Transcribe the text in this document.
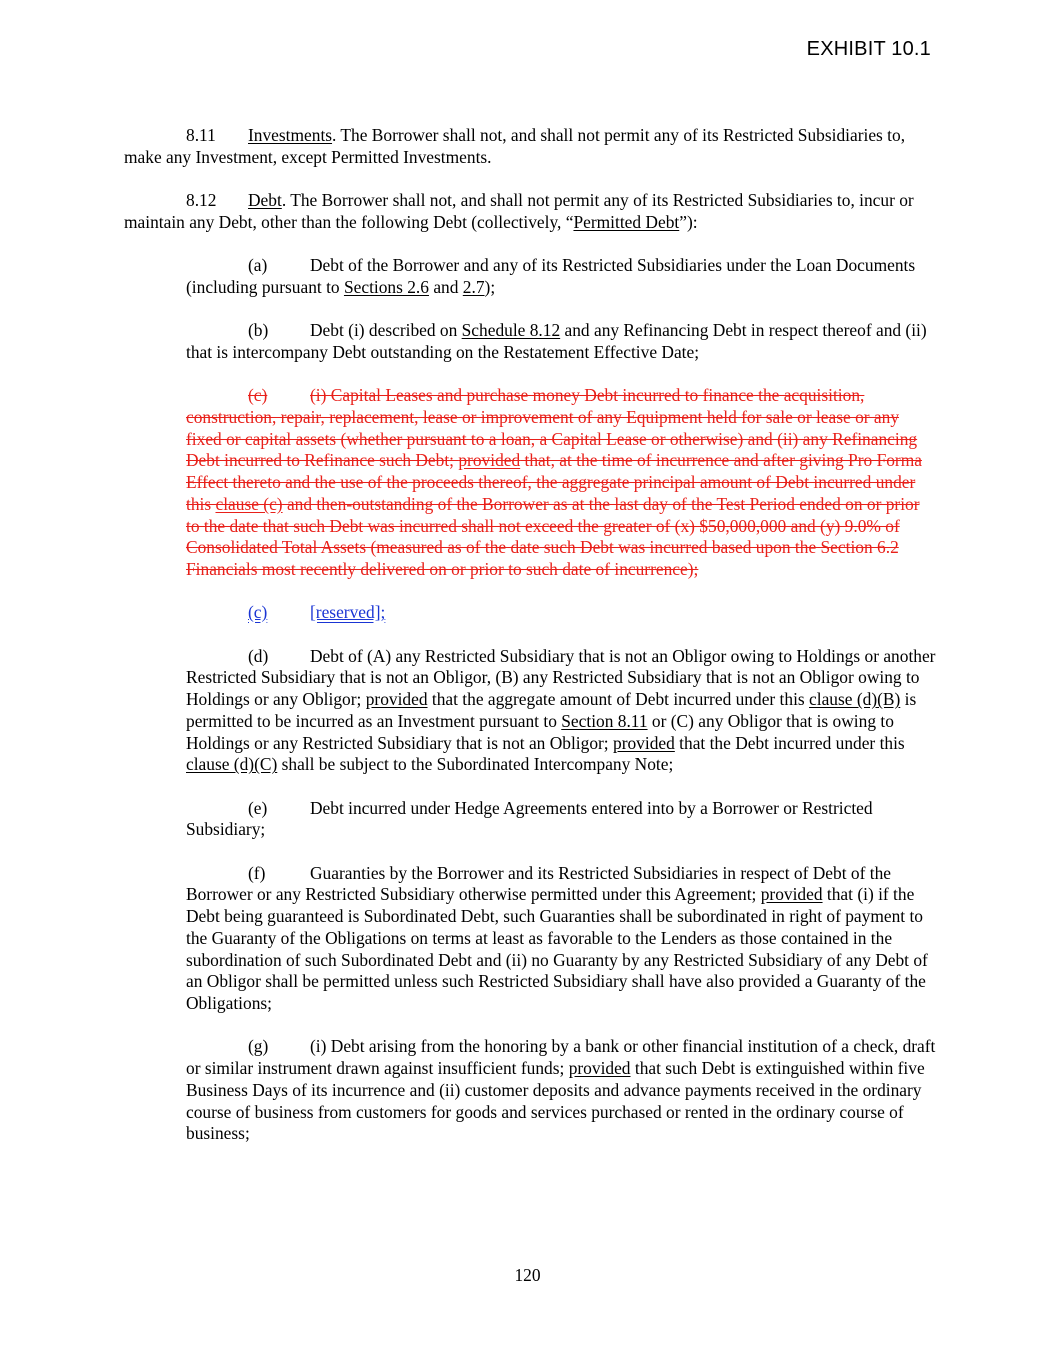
EXHIBIT 10.1

8.11 Investments. The Borrower shall not, and shall not permit any of its Restricted Subsidiaries to, make any Investment, except Permitted Investments.

8.12 Debt. The Borrower shall not, and shall not permit any of its Restricted Subsidiaries to, incur or maintain any Debt, other than the following Debt (collectively, “Permitted Debt”):

(a) Debt of the Borrower and any of its Restricted Subsidiaries under the Loan Documents (including pursuant to Sections 2.6 and 2.7);

(b) Debt (i) described on Schedule 8.12 and any Refinancing Debt in respect thereof and (ii) that is intercompany Debt outstanding on the Restatement Effective Date;

(c) (i) Capital Leases and purchase money Debt incurred to finance the acquisition, construction, repair, replacement, lease or improvement of any Equipment held for sale or lease or any fixed or capital assets (whether pursuant to a loan, a Capital Lease or otherwise) and (ii) any Refinancing Debt incurred to Refinance such Debt; provided that, at the time of incurrence and after giving Pro Forma Effect thereto and the use of the proceeds thereof, the aggregate principal amount of Debt incurred under this clause (c) and then-outstanding of the Borrower as at the last day of the Test Period ended on or prior to the date that such Debt was incurred shall not exceed the greater of (x) $50,000,000 and (y) 9.0% of Consolidated Total Assets (measured as of the date such Debt was incurred based upon the Section 6.2 Financials most recently delivered on or prior to such date of incurrence);

(c) [reserved];

(d) Debt of (A) any Restricted Subsidiary that is not an Obligor owing to Holdings or another Restricted Subsidiary that is not an Obligor, (B) any Restricted Subsidiary that is not an Obligor owing to Holdings or any Obligor; provided that the aggregate amount of Debt incurred under this clause (d)(B) is permitted to be incurred as an Investment pursuant to Section 8.11 or (C) any Obligor that is owing to Holdings or any Restricted Subsidiary that is not an Obligor; provided that the Debt incurred under this clause (d)(C) shall be subject to the Subordinated Intercompany Note;

(e) Debt incurred under Hedge Agreements entered into by a Borrower or Restricted Subsidiary;

(f)	Guaranties by the Borrower and its Restricted Subsidiaries in respect of Debt of the Borrower or any Restricted Subsidiary otherwise permitted under this Agreement; provided that (i) if the Debt being guaranteed is Subordinated Debt, such Guaranties shall be subordinated in right of payment to the Guaranty of the Obligations on terms at least as favorable to the Lenders as those contained in the subordination of such Subordinated Debt and (ii) no Guaranty by any Restricted Subsidiary of any Debt of an Obligor shall be permitted unless such Restricted Subsidiary shall have also provided a Guaranty of the Obligations;

(g) (i) Debt arising from the honoring by a bank or other financial institution of a check, draft or similar instrument drawn against insufficient funds; provided that such Debt is extinguished within five Business Days of its incurrence and (ii) customer deposits and advance payments received in the ordinary course of business from customers for goods and services purchased or rented in the ordinary course of business;

120
